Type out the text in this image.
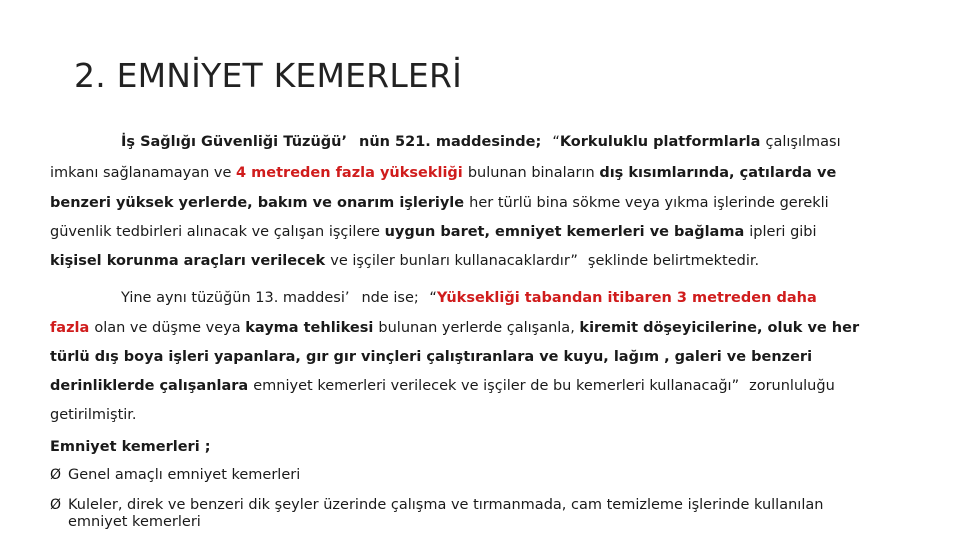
2. EMNİYET KEMERLERİ
İş Sağlığı Güvenliği Tüzüğü’ nün 521. maddesinde; “Korkuluklu platformlarla çalışılması
imkanı sağlanamayan ve 4 metreden fazla yüksekliği bulunan binaların dış kısımlarında, çatılarda ve
benzeri yüksek yerlerde, bakım ve onarım işleriyle her türlü bina sökme veya yıkma işlerinde gerekli
güvenlik tedbirleri alınacak ve çalışan işçilere uygun baret, emniyet kemerleri ve bağlama ipleri gibi
kişisel korunma araçları verilecek ve işçiler bunları kullanacaklardır” şeklinde belirtmektedir.
Yine aynı tüzüğün 13. maddesi’ nde ise; “Yüksekliği tabandan itibaren 3 metreden daha
fazla olan ve düşme veya kayma tehlikesi bulunan yerlerde çalışanla, kiremit döşeyicilerine, oluk ve her
türlü dış boya işleri yapanlara, gır gır vinçleri çalıştıranlara ve kuyu, lağım , galeri ve benzeri
derinliklerde çalışanlara emniyet kemerleri verilecek ve işçiler de bu kemerleri kullanacağı” zorunluluğu
getirilmiştir.
Emniyet kemerleri ;
Ø Genel amaçlı emniyet kemerleri
Ø Kuleler, direk ve benzeri dik şeyler üzerinde çalışma ve tırmanmada, cam temizleme işlerinde kullanılan
emniyet kemerleri
